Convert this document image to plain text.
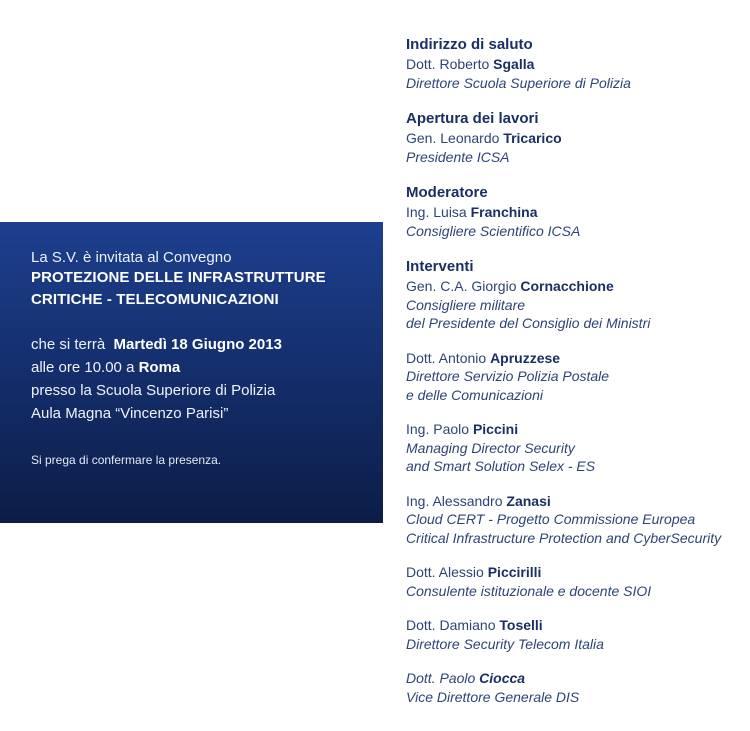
La S.V. è invitata al Convegno

PROTEZIONE DELLE INFRASTRUTTURE

CRITICHE - TELECOMUNICAZIONI

che si terrà Martedì 18 Giugno 2013
alle ore 10.00 a Roma
presso la Scuola Superiore di Polizia
Aula Magna “Vincenzo Parisi”
Si prega di confermare la presenza.

Indirizzo di saluto

Dott. Roberto Sgalla

Direttore Scuola Superiore di Polizia

Apertura dei lavori

Gen. Leonardo Tricarico

Presidente ICSA

Moderatore

Ing. Luisa Franchina

Consigliere Scientifico ICSA

Interventi

Gen. C.A. Giorgio Cornacchione

Consigliere militare

del Presidente del Consiglio dei Ministri

Dott. Antonio Apruzzese

Direttore Servizio Polizia Postale

e delle Comunicazioni

Ing. Paolo Piccini

Managing Director Security

and Smart Solution Selex - ES

Ing. Alessandro Zanasi

Cloud CERT - Progetto Commissione Europea

Critical Infrastructure Protection and CyberSecurity

Dott. Alessio Piccirilli

Consulente istituzionale e docente SIOI

Dott. Damiano Toselli

Direttore Security Telecom Italia

Dott. Paolo Ciocca

Vice Direttore Generale DIS
